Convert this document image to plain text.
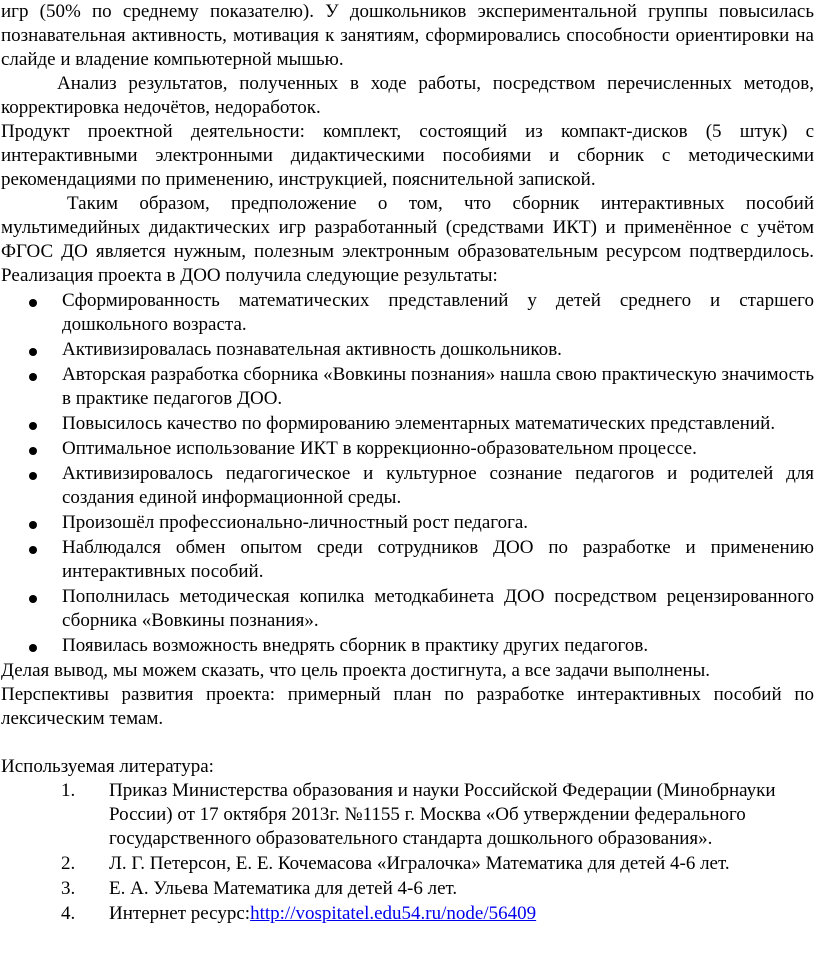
игр (50% по среднему показателю). У дошкольников экспериментальной группы повысилась познавательная активность, мотивация к занятиям, сформировались способности ориентировки на слайде и владение компьютерной мышью.

Анализ результатов, полученных в ходе работы, посредством перечисленных методов, корректировка недочётов, недоработок.

Продукт проектной деятельности: комплект, состоящий из компакт-дисков (5 штук) с интерактивными электронными дидактическими пособиями и сборник с методическими рекомендациями по применению, инструкцией, пояснительной запиской.

Таким образом, предположение о том, что сборник интерактивных пособий мультимедийных дидактических игр разработанный (средствами ИКТ) и применённое с учётом ФГОС ДО является нужным, полезным электронным образовательным ресурсом подтвердилось. Реализация проекта в ДОО получила следующие результаты:

Сформированность математических представлений у детей среднего и старшего дошкольного возраста.
Активизировалась познавательная активность дошкольников.
Авторская разработка сборника «Вовкины познания» нашла свою практическую значимость в практике педагогов ДОО.
Повысилось качество по формированию элементарных математических представлений.
Оптимальное использование ИКТ в коррекционно-образовательном процессе.
Активизировалось педагогическое и культурное сознание педагогов и родителей для создания единой информационной среды.
Произошёл профессионально-личностный рост педагога.
Наблюдался обмен опытом среди сотрудников ДОО по разработке и применению интерактивных пособий.
Пополнилась методическая копилка методкабинета ДОО посредством рецензированного сборника «Вовкины познания».
Появилась возможность внедрять сборник в практику других педагогов.

Делая вывод, мы можем сказать, что цель проекта достигнута, а все задачи выполнены.

Перспективы развития проекта: примерный план по разработке интерактивных пособий по лексическим темам.

Используемая литература:

1. Приказ Министерства образования и науки Российской Федерации (Минобрнауки России) от 17 октября 2013г. №1155 г. Москва «Об утверждении федерального государственного образовательного стандарта дошкольного образования».
2. Л. Г. Петерсон, Е. Е. Кочемасова «Игралочка» Математика для детей 4-6 лет.
3. Е. А. Ульева Математика для детей 4-6 лет.
4. Интернет ресурс:http://vospitatel.edu54.ru/node/56409
